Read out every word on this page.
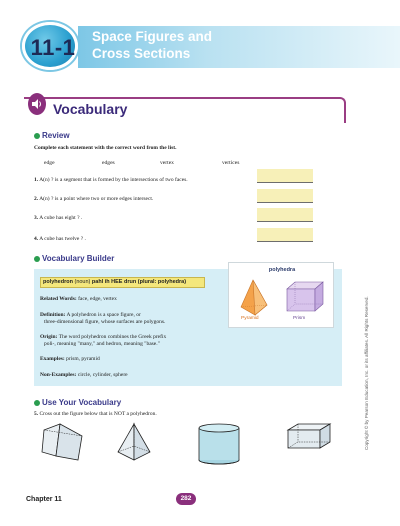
11-1	Space Figures and
Cross Sections
Vocabulary
Review
Complete each statement with the correct word from the list.
edge	edges	vertex	vertices
1. A(n) ? is a segment that is formed by the intersections of two faces.
2. A(n) ? is a point where two or more edges intersect.
3. A cube has eight ? .
4. A cube has twelve ? .
Vocabulary Builder
polyhedron (noun) pahl ih HEE drun (plural: polyhedra)
Related Words: face, edge, vertex
Definition: A polyhedron is a space figure, or
three-dimensional figure, whose surfaces are polygons.
Origin: The word polyhedron combines the Greek prefix
poli-, meaning "many," and hedron, meaning "base."
Examples: prism, pyramid
Non-Examples: circle, cylinder, sphere
polyhedra
Pyramid	Prism
Use Your Vocabulary
5. Cross out the figure below that is NOT a polyhedron.	Copyright © by Pearson Education, Inc. or its affiliates. All Rights Reserved.
Chapter 11	282
